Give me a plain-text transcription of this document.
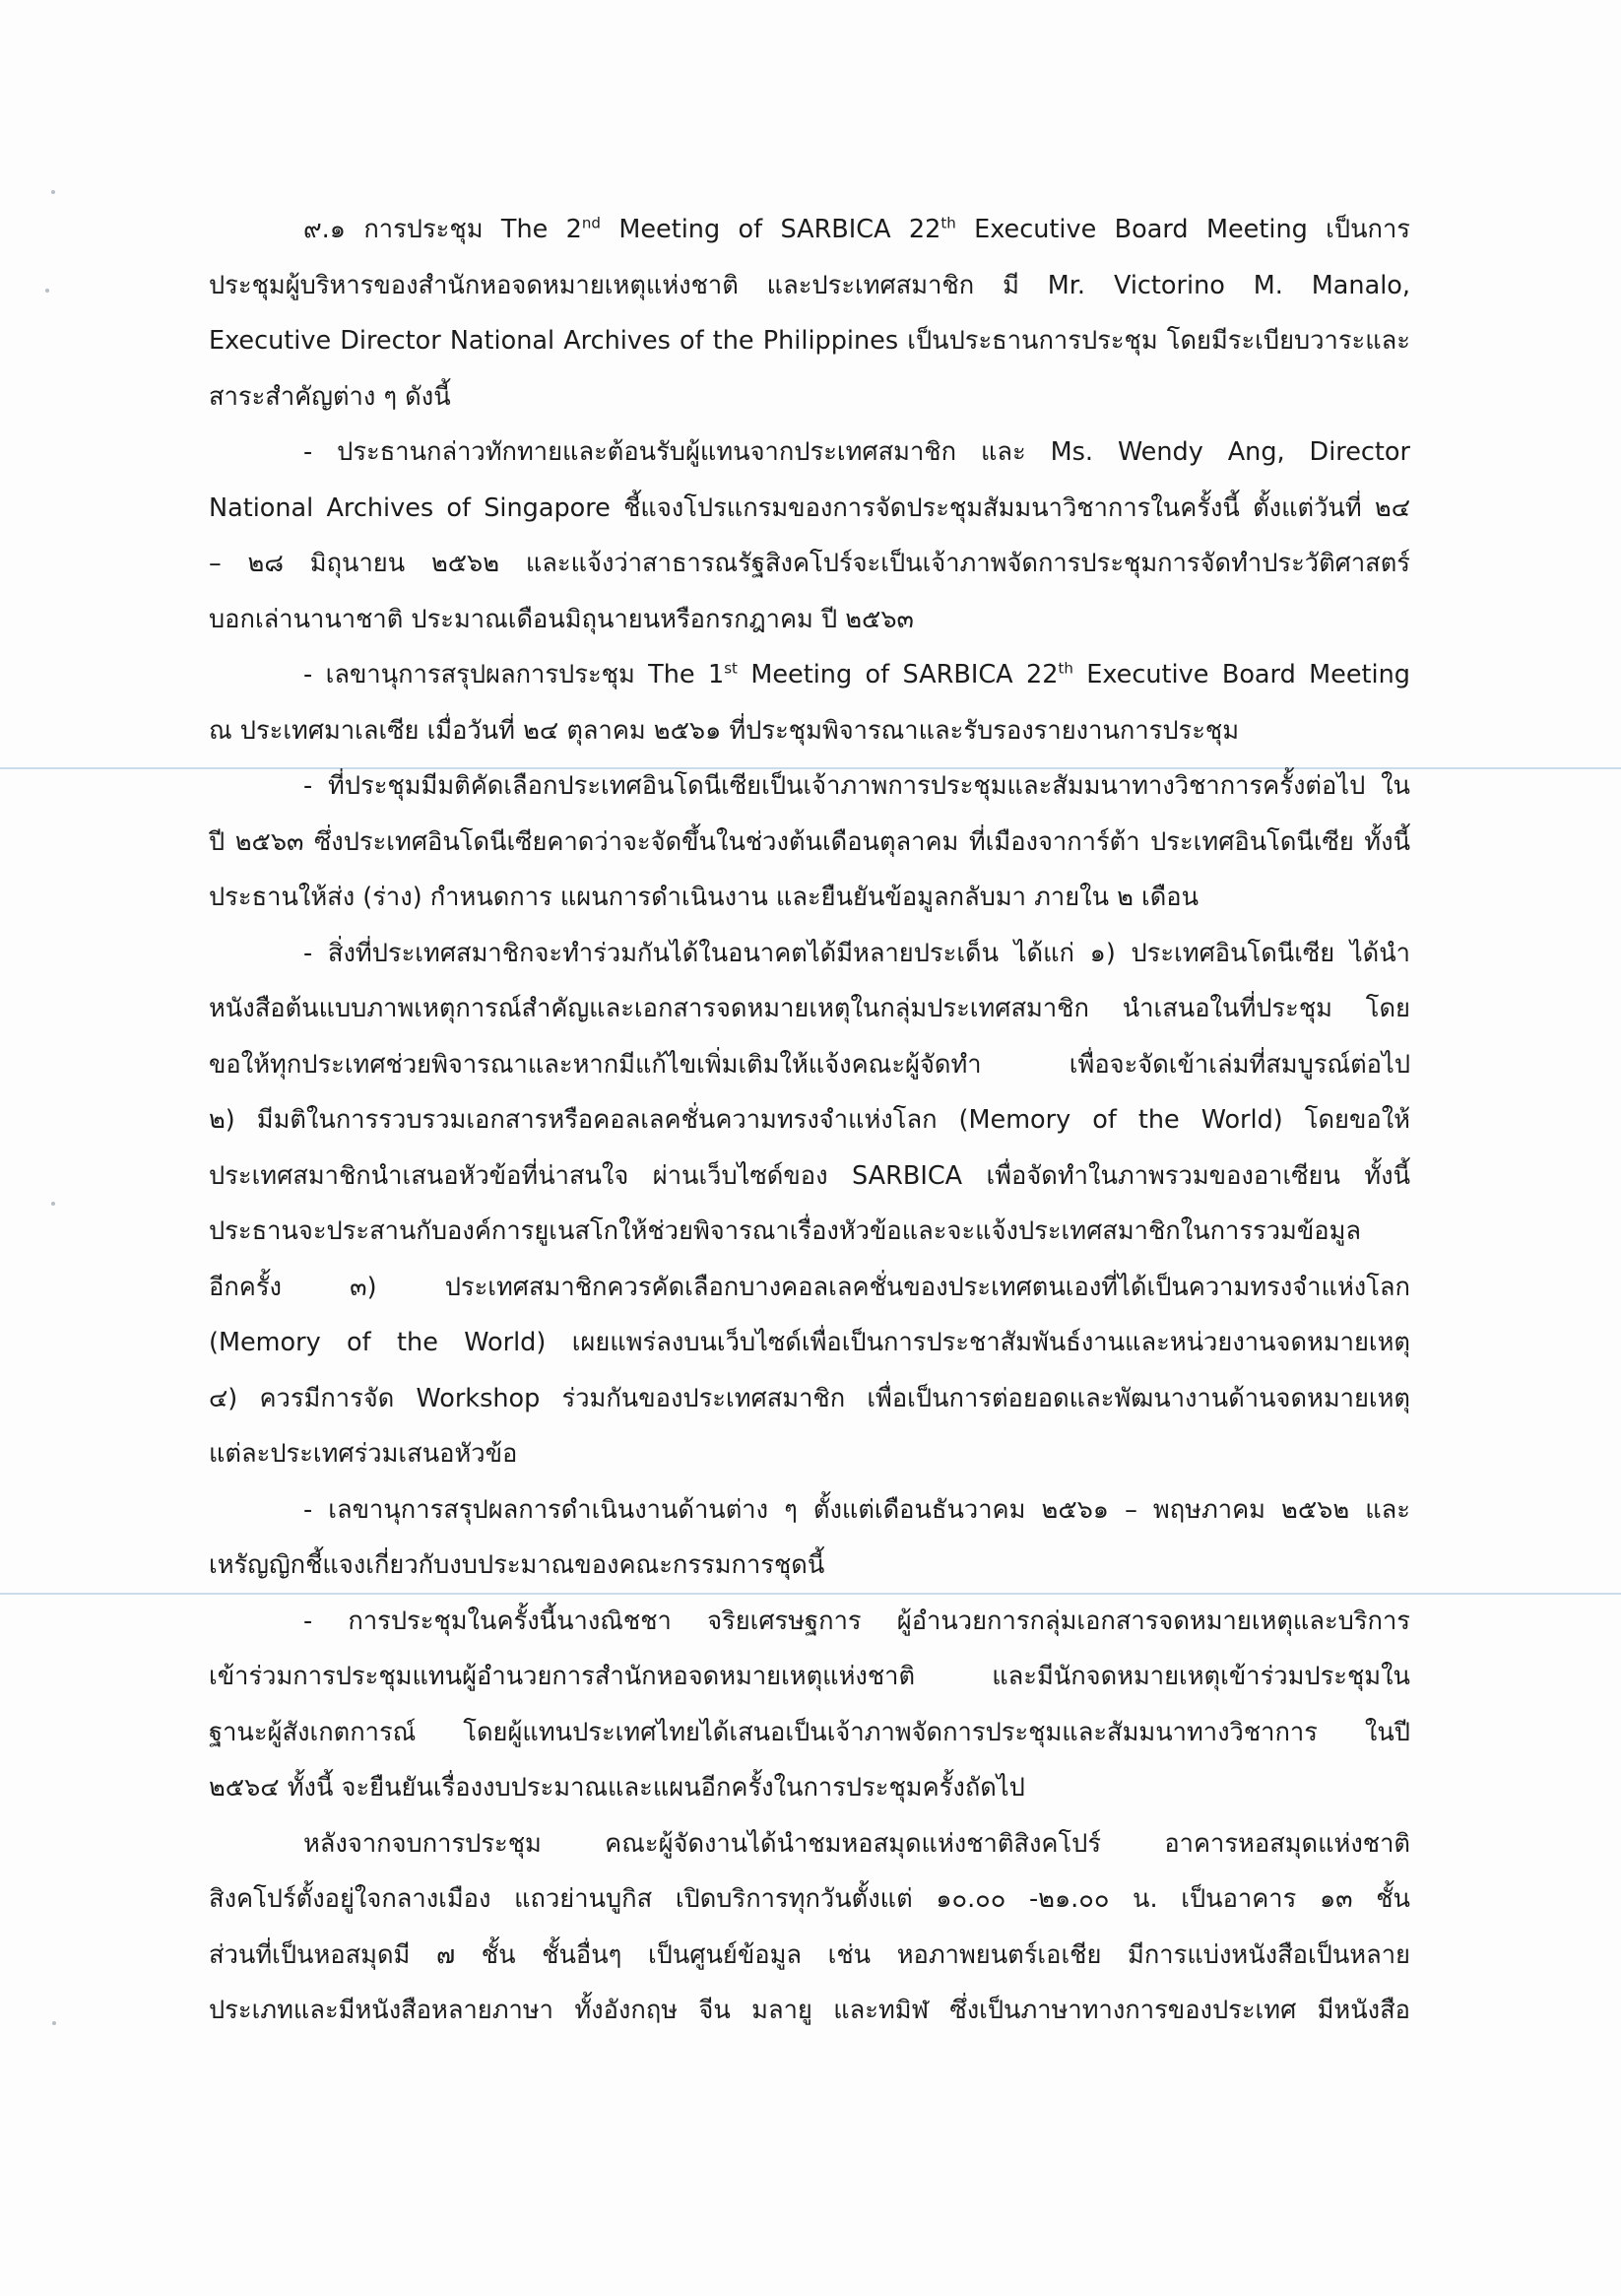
๙.๑ การประชุม The 2nd Meeting of SARBICA 22th Executive Board Meeting เป็นการ
ประชุมผู้บริหารของสำนักหอจดหมายเหตุแห่งชาติ และประเทศสมาชิก มี Mr. Victorino M. Manalo,
Executive Director National Archives of the Philippines เป็นประธานการประชุม โดยมีระเบียบวาระและ
สาระสำคัญต่าง ๆ ดังนี้
- ประธานกล่าวทักทายและต้อนรับผู้แทนจากประเทศสมาชิก และ Ms. Wendy Ang, Director
National Archives of Singapore ชี้แจงโปรแกรมของการจัดประชุมสัมมนาวิชาการในครั้งนี้ ตั้งแต่วันที่ ๒๔
– ๒๘ มิถุนายน ๒๕๖๒ และแจ้งว่าสาธารณรัฐสิงคโปร์จะเป็นเจ้าภาพจัดการประชุมการจัดทำประวัติศาสตร์
บอกเล่านานาชาติ ประมาณเดือนมิถุนายนหรือกรกฎาคม ปี ๒๕๖๓
- เลขานุการสรุปผลการประชุม The 1st Meeting of SARBICA 22th Executive Board Meeting
ณ ประเทศมาเลเซีย เมื่อวันที่ ๒๔ ตุลาคม ๒๕๖๑ ที่ประชุมพิจารณาและรับรองรายงานการประชุม
- ที่ประชุมมีมติคัดเลือกประเทศอินโดนีเซียเป็นเจ้าภาพการประชุมและสัมมนาทางวิชาการครั้งต่อไป ใน
ปี ๒๕๖๓ ซึ่งประเทศอินโดนีเซียคาดว่าจะจัดขึ้นในช่วงต้นเดือนตุลาคม ที่เมืองจาการ์ต้า ประเทศอินโดนีเซีย ทั้งนี้
ประธานให้ส่ง (ร่าง) กำหนดการ แผนการดำเนินงาน และยืนยันข้อมูลกลับมา ภายใน ๒ เดือน
- สิ่งที่ประเทศสมาชิกจะทำร่วมกันได้ในอนาคตได้มีหลายประเด็น ได้แก่ ๑) ประเทศอินโดนีเซีย ได้นำ
หนังสือต้นแบบภาพเหตุการณ์สำคัญและเอกสารจดหมายเหตุในกลุ่มประเทศสมาชิก นำเสนอในที่ประชุม โดย
ขอให้ทุกประเทศช่วยพิจารณาและหากมีแก้ไขเพิ่มเติมให้แจ้งคณะผู้จัดทำ เพื่อจะจัดเข้าเล่มที่สมบูรณ์ต่อไป
๒) มีมติในการรวบรวมเอกสารหรือคอลเลคชั่นความทรงจำแห่งโลก (Memory of the World) โดยขอให้
ประเทศสมาชิกนำเสนอหัวข้อที่น่าสนใจ ผ่านเว็บไซด์ของ SARBICA เพื่อจัดทำในภาพรวมของอาเซียน ทั้งนี้
ประธานจะประสานกับองค์การยูเนสโกให้ช่วยพิจารณาเรื่องหัวข้อและจะแจ้งประเทศสมาชิกในการรวมข้อมูล
อีกครั้ง ๓) ประเทศสมาชิกควรคัดเลือกบางคอลเลคชั่นของประเทศตนเองที่ได้เป็นความทรงจำแห่งโลก
(Memory of the World) เผยแพร่ลงบนเว็บไซด์เพื่อเป็นการประชาสัมพันธ์งานและหน่วยงานจดหมายเหตุ
๔) ควรมีการจัด Workshop ร่วมกันของประเทศสมาชิก เพื่อเป็นการต่อยอดและพัฒนางานด้านจดหมายเหตุ
แต่ละประเทศร่วมเสนอหัวข้อ
- เลขานุการสรุปผลการดำเนินงานด้านต่าง ๆ ตั้งแต่เดือนธันวาคม ๒๕๖๑ – พฤษภาคม ๒๕๖๒ และ
เหรัญญิกชี้แจงเกี่ยวกับงบประมาณของคณะกรรมการชุดนี้
- การประชุมในครั้งนี้นางณิชชา จริยเศรษฐการ ผู้อำนวยการกลุ่มเอกสารจดหมายเหตุและบริการ
เข้าร่วมการประชุมแทนผู้อำนวยการสำนักหอจดหมายเหตุแห่งชาติ และมีนักจดหมายเหตุเข้าร่วมประชุมใน
ฐานะผู้สังเกตการณ์ โดยผู้แทนประเทศไทยได้เสนอเป็นเจ้าภาพจัดการประชุมและสัมมนาทางวิชาการ ในปี
๒๕๖๔ ทั้งนี้ จะยืนยันเรื่องงบประมาณและแผนอีกครั้งในการประชุมครั้งถัดไป
หลังจากจบการประชุม คณะผู้จัดงานได้นำชมหอสมุดแห่งชาติสิงคโปร์ อาคารหอสมุดแห่งชาติ
สิงคโปร์ตั้งอยู่ใจกลางเมือง แถวย่านบูกิส เปิดบริการทุกวันตั้งแต่ ๑๐.๐๐ -๒๑.๐๐ น. เป็นอาคาร ๑๓ ชั้น
ส่วนที่เป็นหอสมุดมี ๗ ชั้น ชั้นอื่นๆ เป็นศูนย์ข้อมูล เช่น หอภาพยนตร์เอเชีย มีการแบ่งหนังสือเป็นหลาย
ประเภทและมีหนังสือหลายภาษา ทั้งอังกฤษ จีน มลายู และทมิฬ ซึ่งเป็นภาษาทางการของประเทศ มีหนังสือ
